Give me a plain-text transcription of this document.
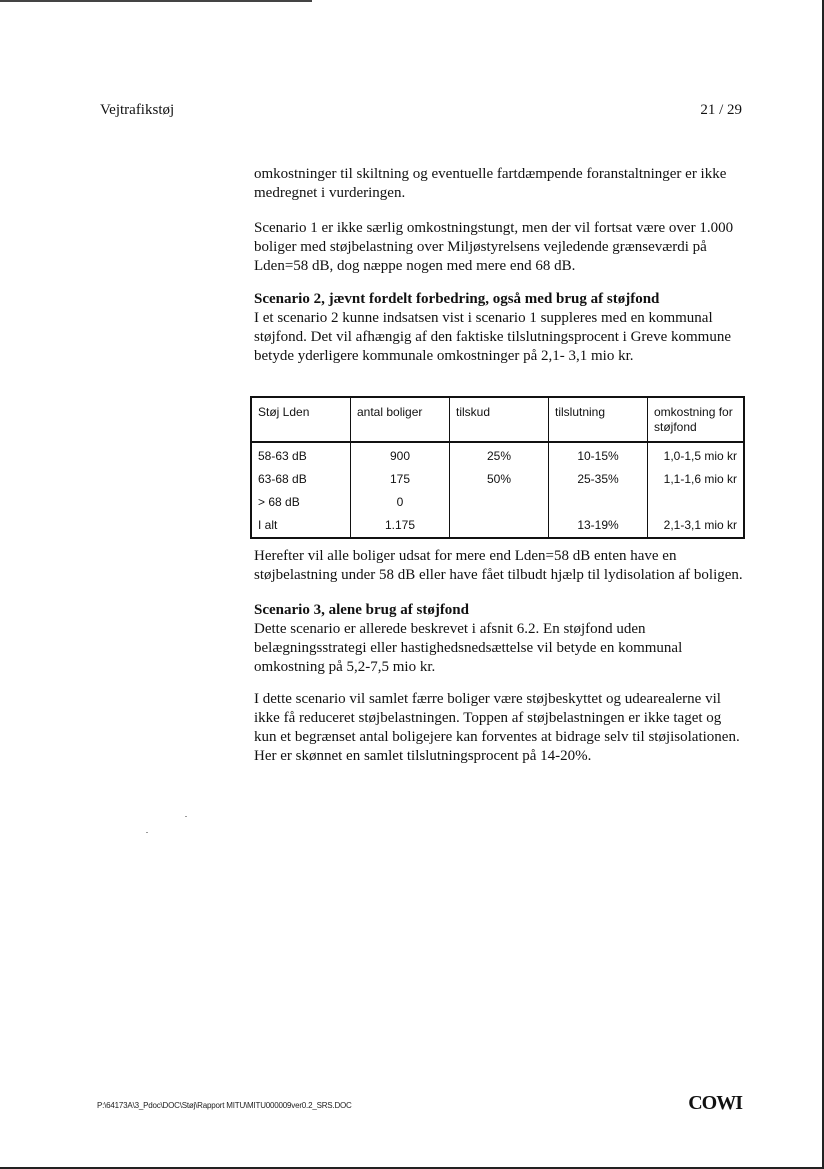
Vejtrafikstøj	21 / 29

omkostninger til skiltning og eventuelle fartdæmpende foranstaltninger er ikke medregnet i vurderingen.

Scenario 1 er ikke særlig omkostningstungt, men der vil fortsat være over 1.000 boliger med støjbelastning over Miljøstyrelsens vejledende grænseværdi på Lden=58 dB, dog næppe nogen med mere end 68 dB.

Scenario 2, jævnt fordelt forbedring, også med brug af støjfond
I et scenario 2 kunne indsatsen vist i scenario 1 suppleres med en kommunal støjfond. Det vil afhængig af den faktiske tilslutningsprocent i Greve kommune betyde yderligere kommunale omkostninger på 2,1- 3,1 mio kr.
Støj Lden	antal boliger	tilskud	tilslutning	omkostning for støjfond
58-63 dB	900	25%	10-15%	1,0-1,5 mio kr
63-68 dB	175	50%	25-35%	1,1-1,6 mio kr
> 68 dB	0			
I alt	1.175		13-19%	2,1-3,1 mio kr

Herefter vil alle boliger udsat for mere end Lden=58 dB enten have en støjbelastning under 58 dB eller have fået tilbudt hjælp til lydisolation af boligen.

Scenario 3, alene brug af støjfond
Dette scenario er allerede beskrevet i afsnit 6.2. En støjfond uden belægningsstrategi eller hastighedsnedsættelse vil betyde en kommunal omkostning på 5,2-7,5 mio kr.

I dette scenario vil samlet færre boliger være støjbeskyttet og udearealerne vil ikke få reduceret støjbelastningen. Toppen af støjbelastningen er ikke taget og kun et begrænset antal boligejere kan forventes at bidrage selv til støjisolationen. Her er skønnet en samlet tilslutningsprocent på 14-20%.

P:\64173A\3_Pdoc\DOC\Støj\Rapport MITU\MITU000009ver0.2_SRS.DOC	COWI
